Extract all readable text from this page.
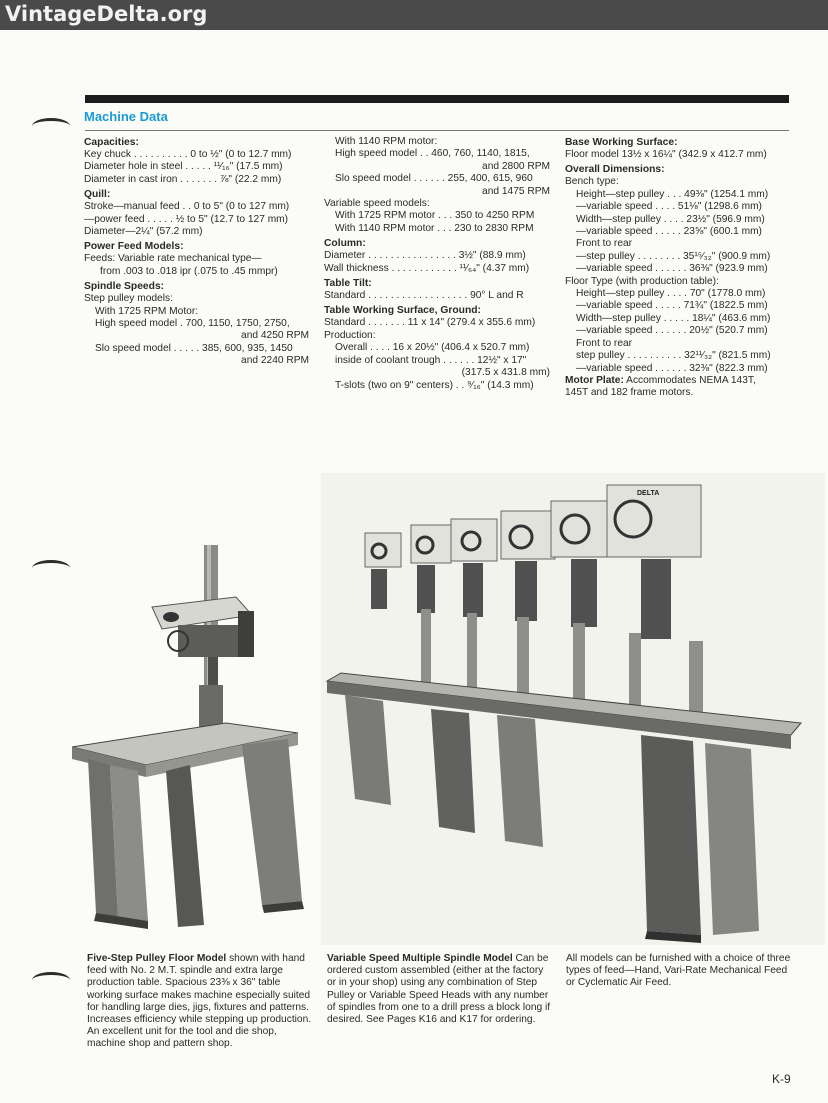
VintageDelta.org
Machine Data
Capacities:
Key chuck . . . . . . . . . . 0 to ½" (0 to 12.7 mm)
Diameter hole in steel . . . . . ¹¹⁄₁₆" (17.5 mm)
Diameter in cast iron . . . . . . . ⅞" (22.2 mm)
Quill:
Stroke—manual feed . . 0 to 5" (0 to 127 mm)
—power feed . . . . . ½ to 5" (12.7 to 127 mm)
Diameter—2¼" (57.2 mm)
Power Feed Models:
Feeds: Variable rate mechanical type—
from .003 to .018 ipr (.075 to .45 mmpr)
Spindle Speeds:
Step pulley models:
With 1725 RPM Motor:
High speed model . 700, 1150, 1750, 2750,
and 4250 RPM
Slo speed model . . . . . 385, 600, 935, 1450
and 2240 RPM
With 1140 RPM motor:
High speed model . . 460, 760, 1140, 1815,
and 2800 RPM
Slo speed model . . . . . . 255, 400, 615, 960
and 1475 RPM
Variable speed models:
With 1725 RPM motor . . . 350 to 4250 RPM
With 1140 RPM motor . . . 230 to 2830 RPM
Column:
Diameter . . . . . . . . . . . . . . . . 3½" (88.9 mm)
Wall thickness . . . . . . . . . . . . ¹¹⁄₆₄" (4.37 mm)
Table Tilt:
Standard . . . . . . . . . . . . . . . . . . 90° L and R
Table Working Surface, Ground:
Standard . . . . . . . 11 x 14" (279.4 x 355.6 mm)
Production:
Overall . . . . 16 x 20½" (406.4 x 520.7 mm)
inside of coolant trough . . . . . . 12½" x 17"
(317.5 x 431.8 mm)
T-slots (two on 9" centers) . . ⁹⁄₁₆" (14.3 mm)
Base Working Surface:
Floor model 13½ x 16¼" (342.9 x 412.7 mm)
Overall Dimensions:
Bench type:
Height—step pulley . . . 49⅜" (1254.1 mm)
—variable speed . . . . 51⅛" (1298.6 mm)
Width—step pulley . . . . 23½" (596.9 mm)
—variable speed . . . . . 23⅝" (600.1 mm)
Front to rear
—step pulley . . . . . . . . 35¹⁵⁄₃₂" (900.9 mm)
—variable speed . . . . . . 36⅜" (923.9 mm)
Floor Type (with production table):
Height—step pulley . . . . 70" (1778.0 mm)
—variable speed . . . . . 71¾" (1822.5 mm)
Width—step pulley . . . . . 18¼" (463.6 mm)
—variable speed . . . . . . 20½" (520.7 mm)
Front to rear
step pulley . . . . . . . . . . 32¹¹⁄₃₂" (821.5 mm)
—variable speed . . . . . . 32⅜" (822.3 mm)
Motor Plate: Accommodates NEMA 143T,
145T and 182 frame motors.
DELTA
Five-Step Pulley Floor Model shown with hand feed with No. 2 M.T. spindle and extra large production table. Spacious 23⅜ x 36" table working surface makes machine especially suited for handling large dies, jigs, fixtures and patterns. Increases efficiency while stepping up production. An excellent unit for the tool and die shop, machine shop and pattern shop.
Variable Speed Multiple Spindle Model Can be ordered custom assembled (either at the factory or in your shop) using any combination of Step Pulley or Variable Speed Heads with any number of spindles from one to a drill press a block long if desired. See Pages K16 and K17 for ordering.
All models can be furnished with a choice of three types of feed—Hand, Vari-Rate Mechanical Feed or Cyclematic Air Feed.
K-9
